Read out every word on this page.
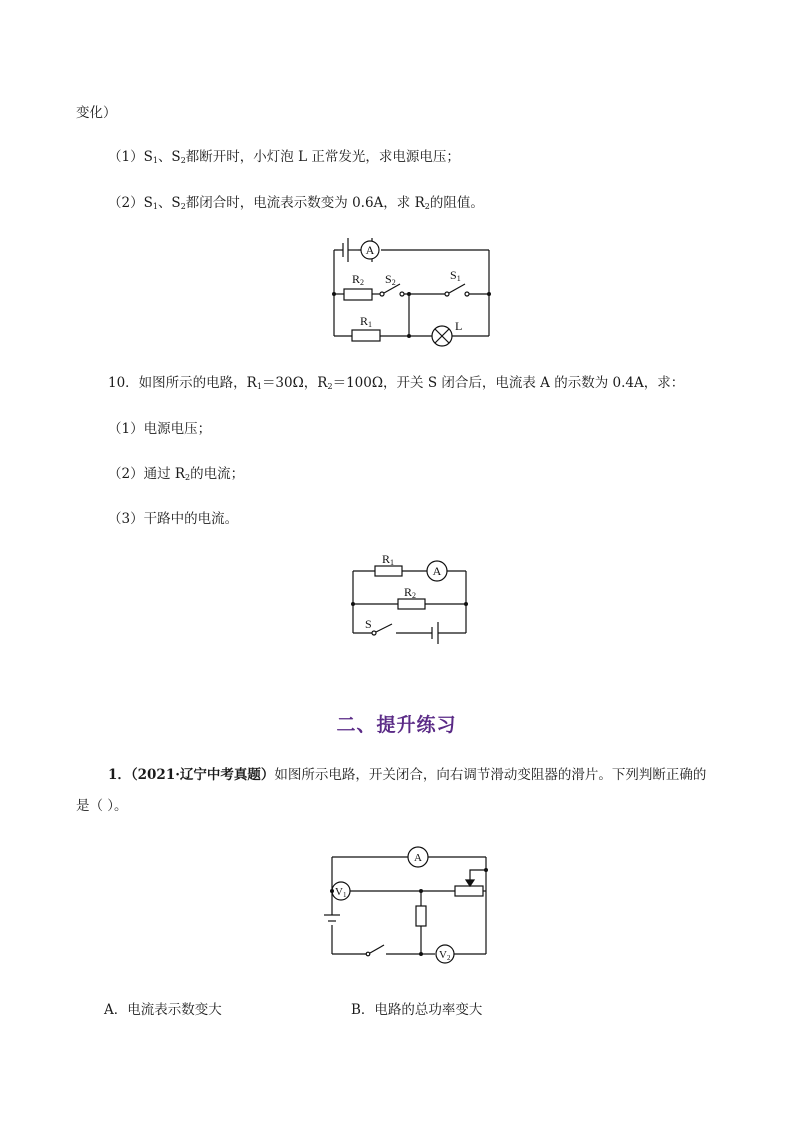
变化）
$(1)S_1$、$S_2$都断开时，小灯泡 L 正常发光，求电源电压；
$(2)S_1$、$S_2$都闭合时，电流表示数变为 0.6A，求 $R_2$的阻值。
A
R2 S2
S1
R1	L
10．如图所示的电路，$R_1=30\Omega$，$R_2=100\Omega$，开关 S 闭合后，电流表 A 的示数为 0.4A，求：
（1）电源电压；
（2）通过 $R_2$的电流；
（3）干路中的电流。
R1
A
R2
S
二、提升练习
1．（2021·辽宁中考真题）如图所示电路，开关闭合，向右调节滑动变阻器的滑片。下列判断正确的
是（ ）。
A
V1
V2
A．电流表示数变大	B．电路的总功率变大
